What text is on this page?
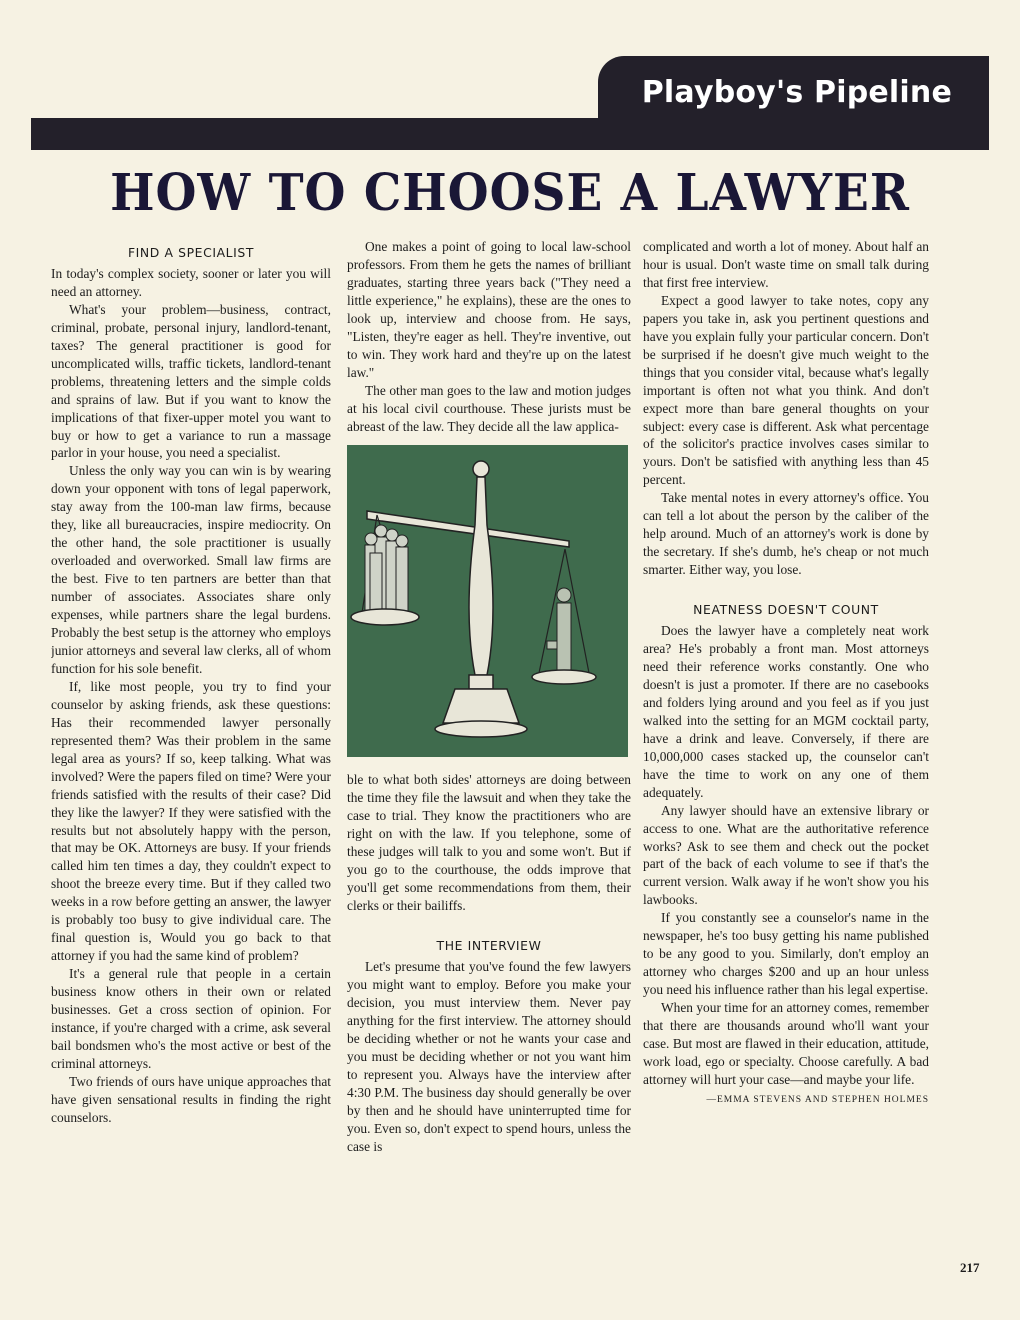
Playboy's Pipeline
HOW TO CHOOSE A LAWYER
FIND A SPECIALIST

In today's complex society, sooner or later you will need an attorney.

What's your problem—business, contract, criminal, probate, personal injury, landlord-tenant, taxes? The general practitioner is good for uncomplicated wills, traffic tickets, landlord-tenant problems, threatening letters and the simple colds and sprains of law. But if you want to know the implications of that fixer-upper motel you want to buy or how to get a variance to run a massage parlor in your house, you need a specialist.

Unless the only way you can win is by wearing down your opponent with tons of legal paperwork, stay away from the 100-man law firms, because they, like all bureaucracies, inspire mediocrity. On the other hand, the sole practitioner is usually overloaded and overworked. Small law firms are the best. Five to ten partners are better than that number of associates. Associates share only expenses, while partners share the legal burdens. Probably the best setup is the attorney who employs junior attorneys and several law clerks, all of whom function for his sole benefit.

If, like most people, you try to find your counselor by asking friends, ask these questions: Has their recommended lawyer personally represented them? Was their problem in the same legal area as yours? If so, keep talking. What was involved? Were the papers filed on time? Were your friends satisfied with the results of their case? Did they like the lawyer? If they were satisfied with the results but not absolutely happy with the person, that may be OK. Attorneys are busy. If your friends called him ten times a day, they couldn't expect to shoot the breeze every time. But if they called two weeks in a row before getting an answer, the lawyer is probably too busy to give individual care. The final question is, Would you go back to that attorney if you had the same kind of problem?

It's a general rule that people in a certain business know others in their own or related businesses. Get a cross section of opinion. For instance, if you're charged with a crime, ask several bail bondsmen who's the most active or best of the criminal attorneys.

Two friends of ours have unique approaches that have given sensational results in finding the right counselors.

One makes a point of going to local law-school professors. From them he gets the names of brilliant graduates, starting three years back ("They need a little experience," he explains), these are the ones to look up, interview and choose from. He says, "Listen, they're eager as hell. They're inventive, out to win. They work hard and they're up on the latest law."

The other man goes to the law and motion judges at his local civil courthouse. These jurists must be abreast of the law. They decide all the law applica-

ble to what both sides' attorneys are doing between the time they file the lawsuit and when they take the case to trial. They know the practitioners who are right on with the law. If you telephone, some of these judges will talk to you and some won't. But if you go to the courthouse, the odds improve that you'll get some recommendations from them, their clerks or their bailiffs.

THE INTERVIEW

Let's presume that you've found the few lawyers you might want to employ. Before you make your decision, you must interview them. Never pay anything for the first interview. The attorney should be deciding whether or not he wants your case and you must be deciding whether or not you want him to represent you. Always have the interview after 4:30 P.M. The business day should generally be over by then and he should have uninterrupted time for you. Even so, don't expect to spend hours, unless the case is

complicated and worth a lot of money. About half an hour is usual. Don't waste time on small talk during that first free interview.

Expect a good lawyer to take notes, copy any papers you take in, ask you pertinent questions and have you explain fully your particular concern. Don't be surprised if he doesn't give much weight to the things that you consider vital, because what's legally important is often not what you think. And don't expect more than bare general thoughts on your subject: every case is different. Ask what percentage of the solicitor's practice involves cases similar to yours. Don't be satisfied with anything less than 45 percent.

Take mental notes in every attorney's office. You can tell a lot about the person by the caliber of the help around. Much of an attorney's work is done by the secretary. If she's dumb, he's cheap or not much smarter. Either way, you lose.

NEATNESS DOESN'T COUNT

Does the lawyer have a completely neat work area? He's probably a front man. Most attorneys need their reference works constantly. One who doesn't is just a promoter. If there are no casebooks and folders lying around and you feel as if you just walked into the setting for an MGM cocktail party, have a drink and leave. Conversely, if there are 10,000,000 cases stacked up, the counselor can't have the time to work on any one of them adequately.

Any lawyer should have an extensive library or access to one. What are the authoritative reference works? Ask to see them and check out the pocket part of the back of each volume to see if that's the current version. Walk away if he won't show you his lawbooks.

If you constantly see a counselor's name in the newspaper, he's too busy getting his name published to be any good to you. Similarly, don't employ an attorney who charges $200 and up an hour unless you need his influence rather than his legal expertise.

When your time for an attorney comes, remember that there are thousands around who'll want your case. But most are flawed in their education, attitude, work load, ego or specialty. Choose carefully. A bad attorney will hurt your case—and maybe your life.

—EMMA STEVENS AND STEPHEN HOLMES
217
